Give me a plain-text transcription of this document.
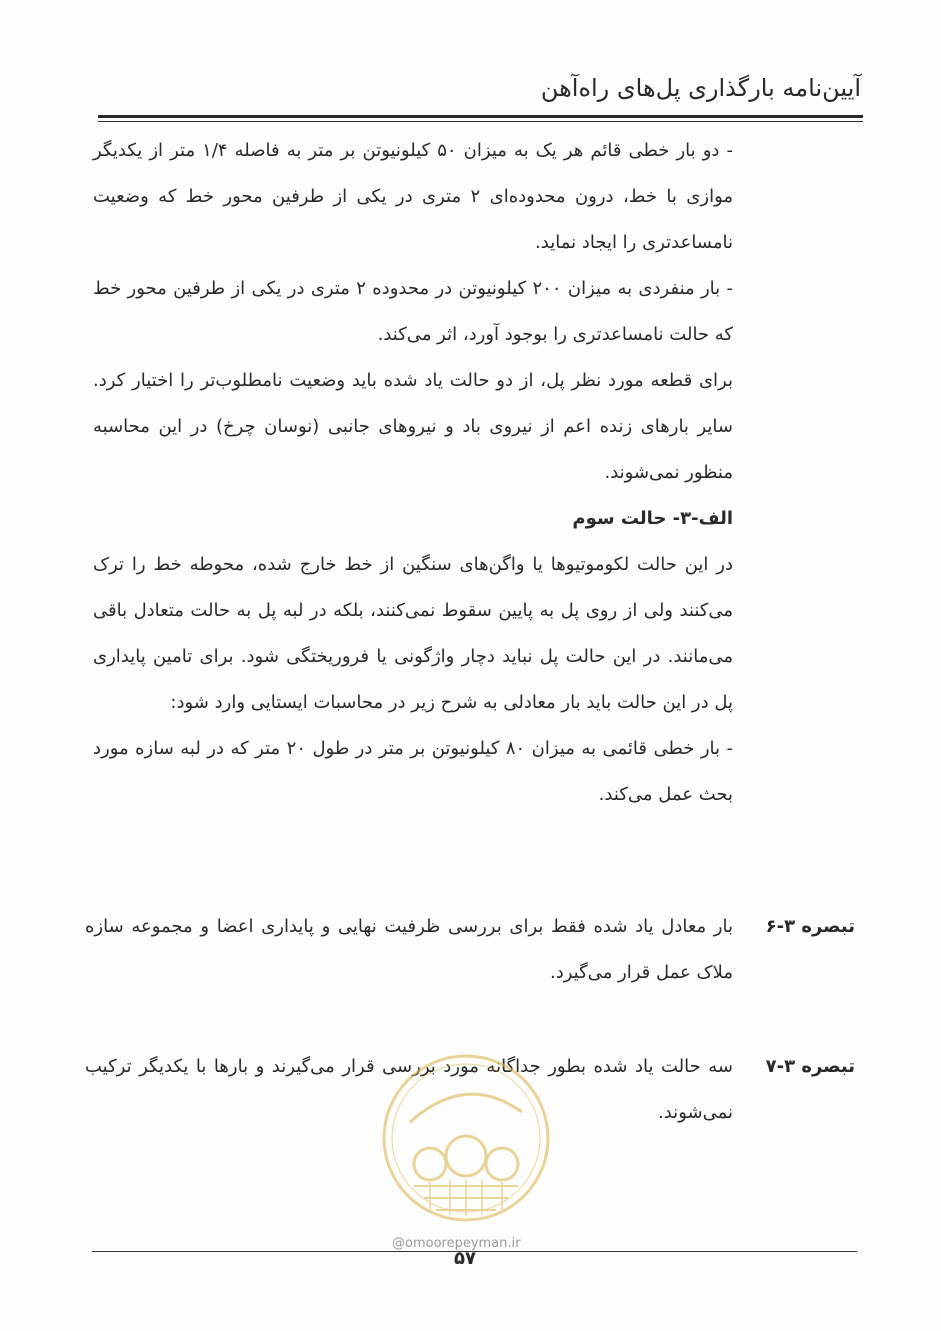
آیین‌نامه بارگذاری پل‌های راه‌آهن

- دو بار خطی قائم هر یک به میزان ۵۰ کیلونیوتن بر متر به فاصله ۱/۴ متر از یکدیگر موازی با خط، درون محدوده‌ای ۲ متری در یکی از طرفین محور خط که وضعیت نامساعدتری را ایجاد نماید.

- بار منفردی به میزان ۲۰۰ کیلونیوتن در محدوده ۲ متری در یکی از طرفین محور خط که حالت نامساعدتری را بوجود آورد، اثر می‌کند.

برای قطعه مورد نظر پل، از دو حالت یاد شده باید وضعیت نامطلوب‌تر را اختیار کرد. سایر بارهای زنده اعم از نیروی باد و نیروهای جانبی (نوسان چرخ) در این محاسبه منظور نمی‌شوند.

الف-۳- حالت سوم

در این حالت لکوموتیوها یا واگن‌های سنگین از خط خارج شده، محوطه خط را ترک می‌کنند ولی از روی پل به پایین سقوط نمی‌کنند، بلکه در لبه پل به حالت متعادل باقی می‌مانند. در این حالت پل نباید دچار واژگونی یا فروریختگی شود. برای تامین پایداری پل در این حالت باید بار معادلی به شرح زیر در محاسبات ایستایی وارد شود:

- بار خطی قائمی به میزان ۸۰ کیلونیوتن بر متر در طول ۲۰ متر که در لبه سازه مورد بحث عمل می‌کند.

تبصره ۳-۶
بار معادل یاد شده فقط برای بررسی ظرفیت نهایی و پایداری اعضا و مجموعه سازه ملاک عمل قرار می‌گیرد.
تبصره ۳-۷
سه حالت یاد شده بطور جداگانه مورد بررسی قرار می‌گیرند و بارها با یکدیگر ترکیب نمی‌شوند.
@omoorepeyman.ir
۵۷
